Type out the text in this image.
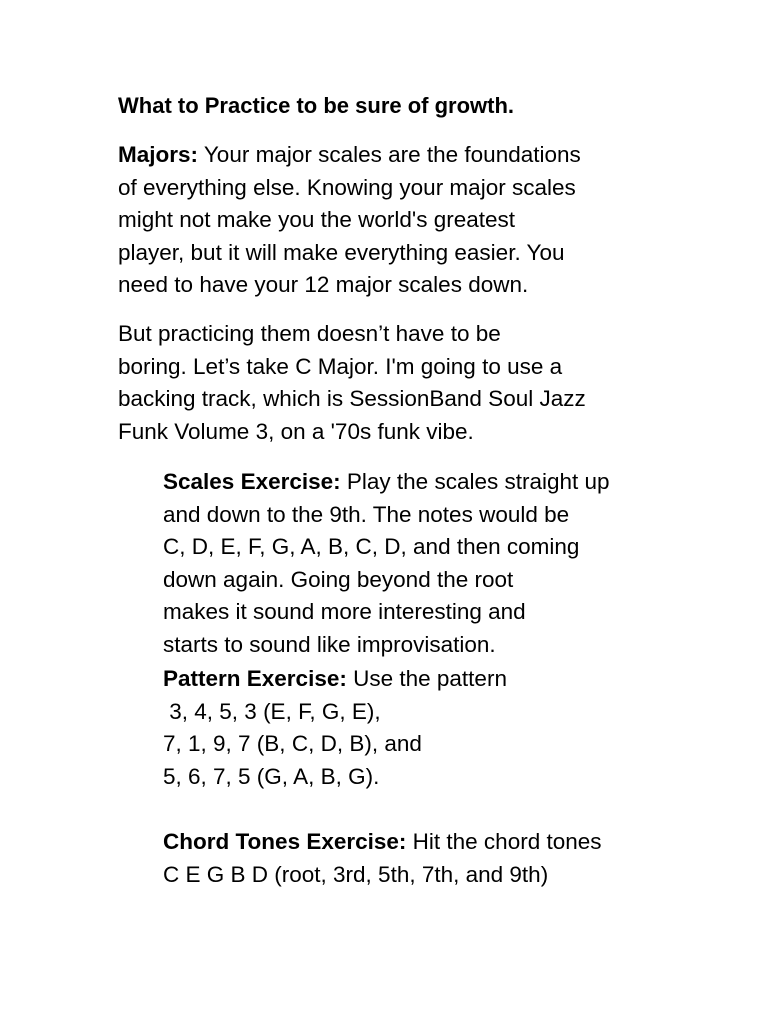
What to Practice to be sure of growth.
Majors: Your major scales are the foundations
of everything else. Knowing your major scales
might not make you the world's greatest
player, but it will make everything easier. You
need to have your 12 major scales down.
But practicing them doesn’t have to be
boring. Let’s take C Major. I'm going to use a
backing track, which is SessionBand Soul Jazz
Funk Volume 3, on a '70s funk vibe.
Scales Exercise: Play the scales straight up
and down to the 9th. The notes would be
C, D, E, F, G, A, B, C, D, and then coming
down again. Going beyond the root
makes it sound more interesting and
starts to sound like improvisation.
Pattern Exercise: Use the pattern
3, 4, 5, 3 (E, F, G, E),
7, 1, 9, 7 (B, C, D, B), and
5, 6, 7, 5 (G, A, B, G).
Chord Tones Exercise: Hit the chord tones
C E G B D (root, 3rd, 5th, 7th, and 9th)
